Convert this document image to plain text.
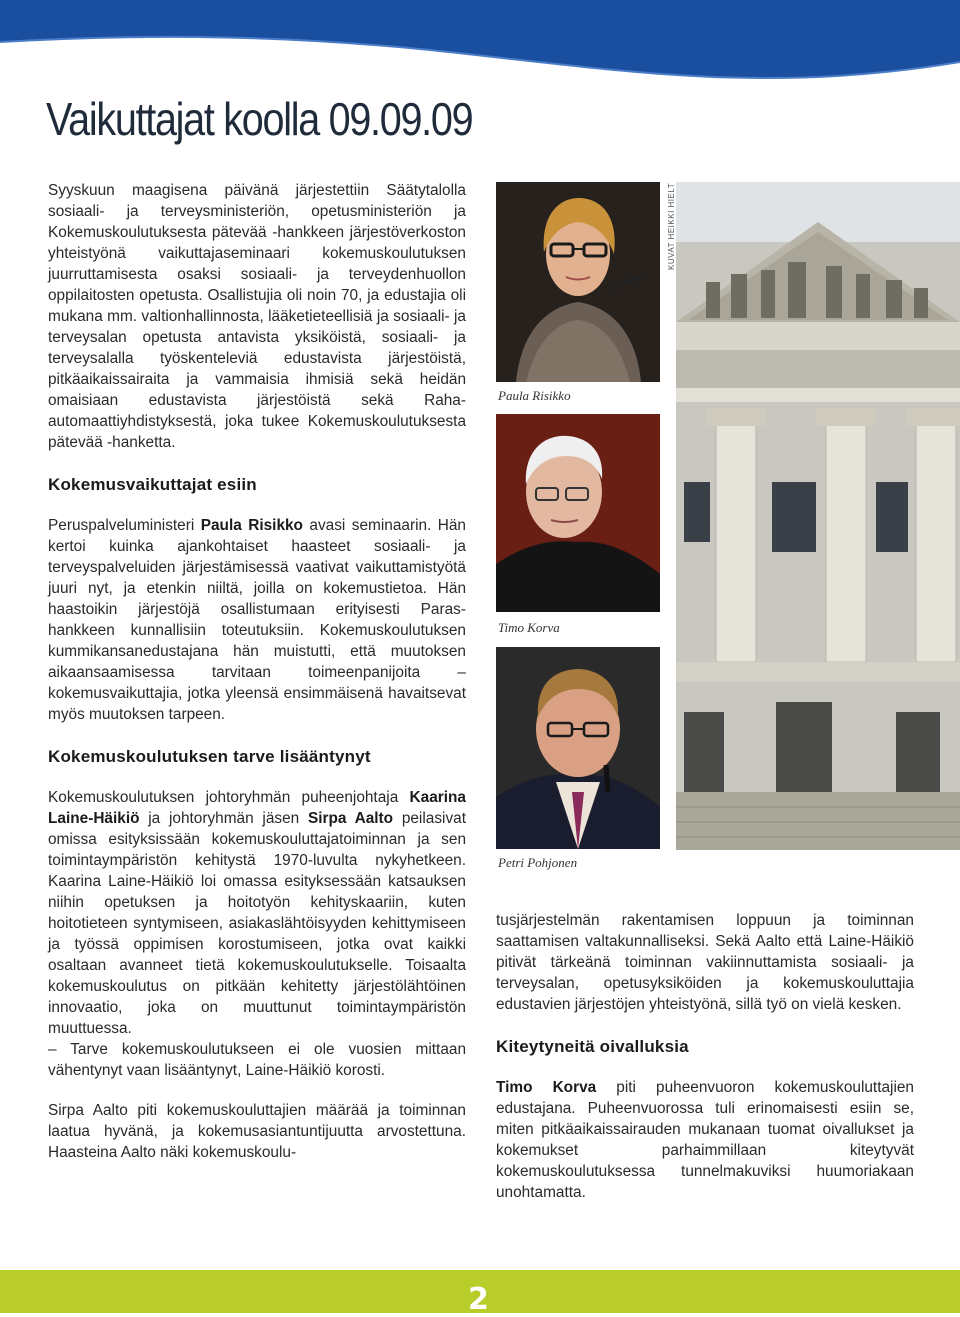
Vaikuttajat koolla 09.09.09

Syyskuun maagisena päivänä järjestettiin Säätytalolla sosiaali- ja terveysministeriön, opetusministeriön ja Kokemuskoulutuksesta pätevää -hankkeen järjestöverkoston yhteistyönä vaikuttajaseminaari kokemuskoulutuksen juurruttamisesta osaksi sosiaali- ja terveydenhuollon oppilaitosten opetusta. Osallistujia oli noin 70, ja edustajia oli mukana mm. valtionhallinnosta, lääketieteellisiä ja sosiaali- ja terveysalan opetusta antavista yksiköistä, sosiaali- ja terveysalalla työskenteleviä edustavista järjestöistä, pitkäaikaissairaita ja vammaisia ihmisiä sekä heidän omaisiaan edustavista järjestöistä sekä Raha-automaattiyhdistyksestä, joka tukee Kokemuskoulutuksesta pätevää -hanketta.

Kokemusvaikuttajat esiin

Peruspalveluministeri Paula Risikko avasi seminaarin. Hän kertoi kuinka ajankohtaiset haasteet sosiaali- ja terveyspalveluiden järjestämisessä vaativat vaikuttamistyötä juuri nyt, ja etenkin niiltä, joilla on kokemustietoa. Hän haastoikin järjestöjä osallistumaan erityisesti Paras-hankkeen kunnallisiin toteutuksiin. Kokemuskoulutuksen kummikansanedustajana hän muistutti, että muutoksen aikaansaamisessa tarvitaan toimeenpanijoita – kokemusvaikuttajia, jotka yleensä ensimmäisenä havaitsevat myös muutoksen tarpeen.

Kokemuskoulutuksen tarve lisääntynyt

Kokemuskoulutuksen johtoryhmän puheenjohtaja Kaarina Laine-Häikiö ja johtoryhmän jäsen Sirpa Aalto peilasivat omissa esityksissään kokemuskouluttajatoiminnan ja sen toimintaympäristön kehitystä 1970-luvulta nykyhetkeen. Kaarina Laine-Häikiö loi omassa esityksessään katsauksen niihin opetuksen ja hoitotyön kehityskaariin, kuten hoitotieteen syntymiseen, asiakaslähtöisyyden kehittymiseen ja työssä oppimisen korostumiseen, jotka ovat kaikki osaltaan avanneet tietä kokemuskoulutukselle. Toisaalta kokemuskoulutus on pitkään kehitetty järjestölähtöinen innovaatio, joka on muuttunut toimintaympäristön muuttuessa.

– Tarve kokemuskoulutukseen ei ole vuosien mittaan vähentynyt vaan lisääntynyt, Laine-Häikiö korosti.

Sirpa Aalto piti kokemuskouluttajien määrää ja toiminnan laatua hyvänä, ja kokemusasiantuntijuutta arvostettuna. Haasteina Aalto näki kokemuskoulu-

Paula Risikko
Timo Korva
Petri Pohjonen
KUVAT HEIKKI HIELT

tusjärjestelmän rakentamisen loppuun ja toiminnan saattamisen valtakunnalliseksi. Sekä Aalto että Laine-Häikiö pitivät tärkeänä toiminnan vakiinnuttamista sosiaali- ja terveysalan, opetusyksiköiden ja kokemuskouluttajia edustavien järjestöjen yhteistyönä, sillä työ on vielä kesken.

Kiteytyneitä oivalluksia

Timo Korva piti puheenvuoron kokemuskouluttajien edustajana. Puheenvuorossa tuli erinomaisesti esiin se, miten pitkäaikaissairauden mukanaan tuomat oivallukset ja kokemukset parhaimmillaan kiteytyvät kokemuskoulutuksessa tunnelmakuviksi huumoriakaan unohtamatta.

2
